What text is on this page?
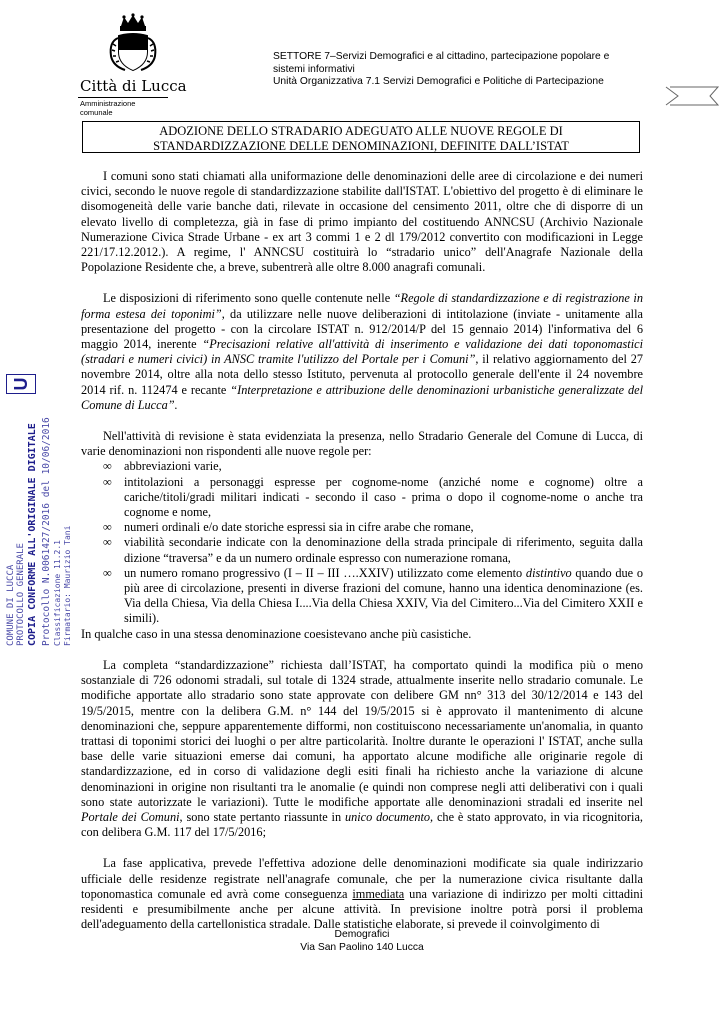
Città di Lucca
Amministrazione comunale
SETTORE 7–Servizi Demografici e al cittadino, partecipazione popolare e
sistemi informativi
Unità Organizzativa 7.1 Servizi Demografici e Politiche di Partecipazione
ADOZIONE DELLO STRADARIO ADEGUATO ALLE NUOVE REGOLE DI
STANDARDIZZAZIONE DELLE DENOMINAZIONI, DEFINITE DALL’ISTAT

I comuni sono stati chiamati alla uniformazione delle denominazioni delle aree di circolazione e dei numeri civici, secondo le nuove regole di standardizzazione stabilite dall'ISTAT. L'obiettivo del progetto è di eliminare le disomogeneità delle varie banche dati, rilevate in occasione del censimento 2011, oltre che di disporre di un elevato livello di completezza, già in fase di primo impianto del costituendo ANNCSU (Archivio Nazionale Numerazione Civica Strade Urbane - ex art 3 commi 1 e 2 dl 179/2012 convertito con modificazioni in Legge 221/17.12.2012.). A regime, l' ANNCSU costituirà lo “stradario unico” dell'Anagrafe Nazionale della Popolazione Residente che, a breve, subentrerà alle oltre 8.000 anagrafi comunali.

Le disposizioni di riferimento sono quelle contenute nelle “Regole di standardizzazione e di registrazione in forma estesa dei toponimi”, da utilizzare nelle nuove deliberazioni di intitolazione (inviate - unitamente alla presentazione del progetto - con la circolare ISTAT n. 912/2014/P del 15 gennaio 2014) l'informativa del 6 maggio 2014, inerente “Precisazioni relative all'attività di inserimento e validazione dei dati toponomastici (stradari e numeri civici) in ANSC tramite l'utilizzo del Portale per i Comuni”, il relativo aggiornamento del 27 novembre 2014, oltre alla nota dello stesso Istituto, pervenuta al protocollo generale dell'ente il 24 novembre 2014 rif. n. 112474 e recante “Interpretazione e attribuzione delle denominazioni urbanistiche generalizzate del Comune di Lucca”.

Nell'attività di revisione è stata evidenziata la presenza, nello Stradario Generale del Comune di Lucca, di varie denominazioni non rispondenti alle nuove regole per:

∞ abbreviazioni varie,
∞ intitolazioni a personaggi espresse per cognome-nome (anziché nome e cognome) oltre a cariche/titoli/gradi militari indicati - secondo il caso - prima o dopo il cognome-nome o anche tra cognome e nome,
∞ numeri ordinali e/o date storiche espressi sia in cifre arabe che romane,
∞ viabilità secondarie indicate con la denominazione della strada principale di riferimento, seguita dalla dizione “traversa” e da un numero ordinale espresso con numerazione romana,
∞ un numero romano progressivo (I – II – III ….XXIV) utilizzato come elemento distintivo quando due o più aree di circolazione, presenti in diverse frazioni del comune, hanno una identica denominazione (es. Via della Chiesa, Via della Chiesa I....Via della Chiesa XXIV, Via del Cimitero...Via del Cimitero XXII e simili).

In qualche caso in una stessa denominazione coesistevano anche più casistiche.

La completa “standardizzazione” richiesta dall’ISTAT, ha comportato quindi la modifica più o meno sostanziale di 726 odonomi stradali, sul totale di 1324 strade, attualmente inserite nello stradario comunale. Le modifiche apportate allo stradario sono state approvate con delibere GM nn° 313 del 30/12/2014 e 143 del 19/5/2015, mentre con la delibera G.M. n° 144 del 19/5/2015 si è approvato il mantenimento di alcune denominazioni che, seppure apparentemente difformi, non costituiscono necessariamente un'anomalia, in quanto trattasi di toponimi storici dei luoghi o per altre particolarità. Inoltre durante le operazioni l' ISTAT, anche sulla base delle varie situazioni emerse dai comuni, ha apportato alcune modifiche alle originarie regole di standardizzazione, ed in corso di validazione degli esiti finali ha richiesto anche la variazione di alcune denominazioni in origine non risultanti tra le anomalie (e quindi non comprese negli atti deliberativi con i quali sono state autorizzate le variazioni). Tutte le modifiche apportate alle denominazioni stradali ed inserite nel Portale dei Comuni, sono state pertanto riassunte in unico documento, che è stato approvato, in via ricognitoria, con delibera G.M. 117 del 17/5/2016;

La fase applicativa, prevede l'effettiva adozione delle denominazioni modificate sia quale indirizzario ufficiale delle residenze registrate nell'anagrafe comunale, che per la numerazione civica risultante dalla toponomastica comunale ed avrà come conseguenza immediata una variazione di indirizzo per molti cittadini residenti e presumibilmente anche per alcune attività. In previsione inoltre potrà porsi il problema dell'adeguamento della cartellonistica stradale. Dalle statistiche elaborate, si prevede il coinvolgimento di

Demografici
Via San Paolino 140 Lucca
COMUNE DI LUCCA PROTOCOLLO GENERALE COPIA CONFORME ALL'ORIGINALE DIGITALE Protocollo N.0061427/2016 del 10/06/2016 Classificazione 11.2.1 Firmatario: Maurizio Tani
U
